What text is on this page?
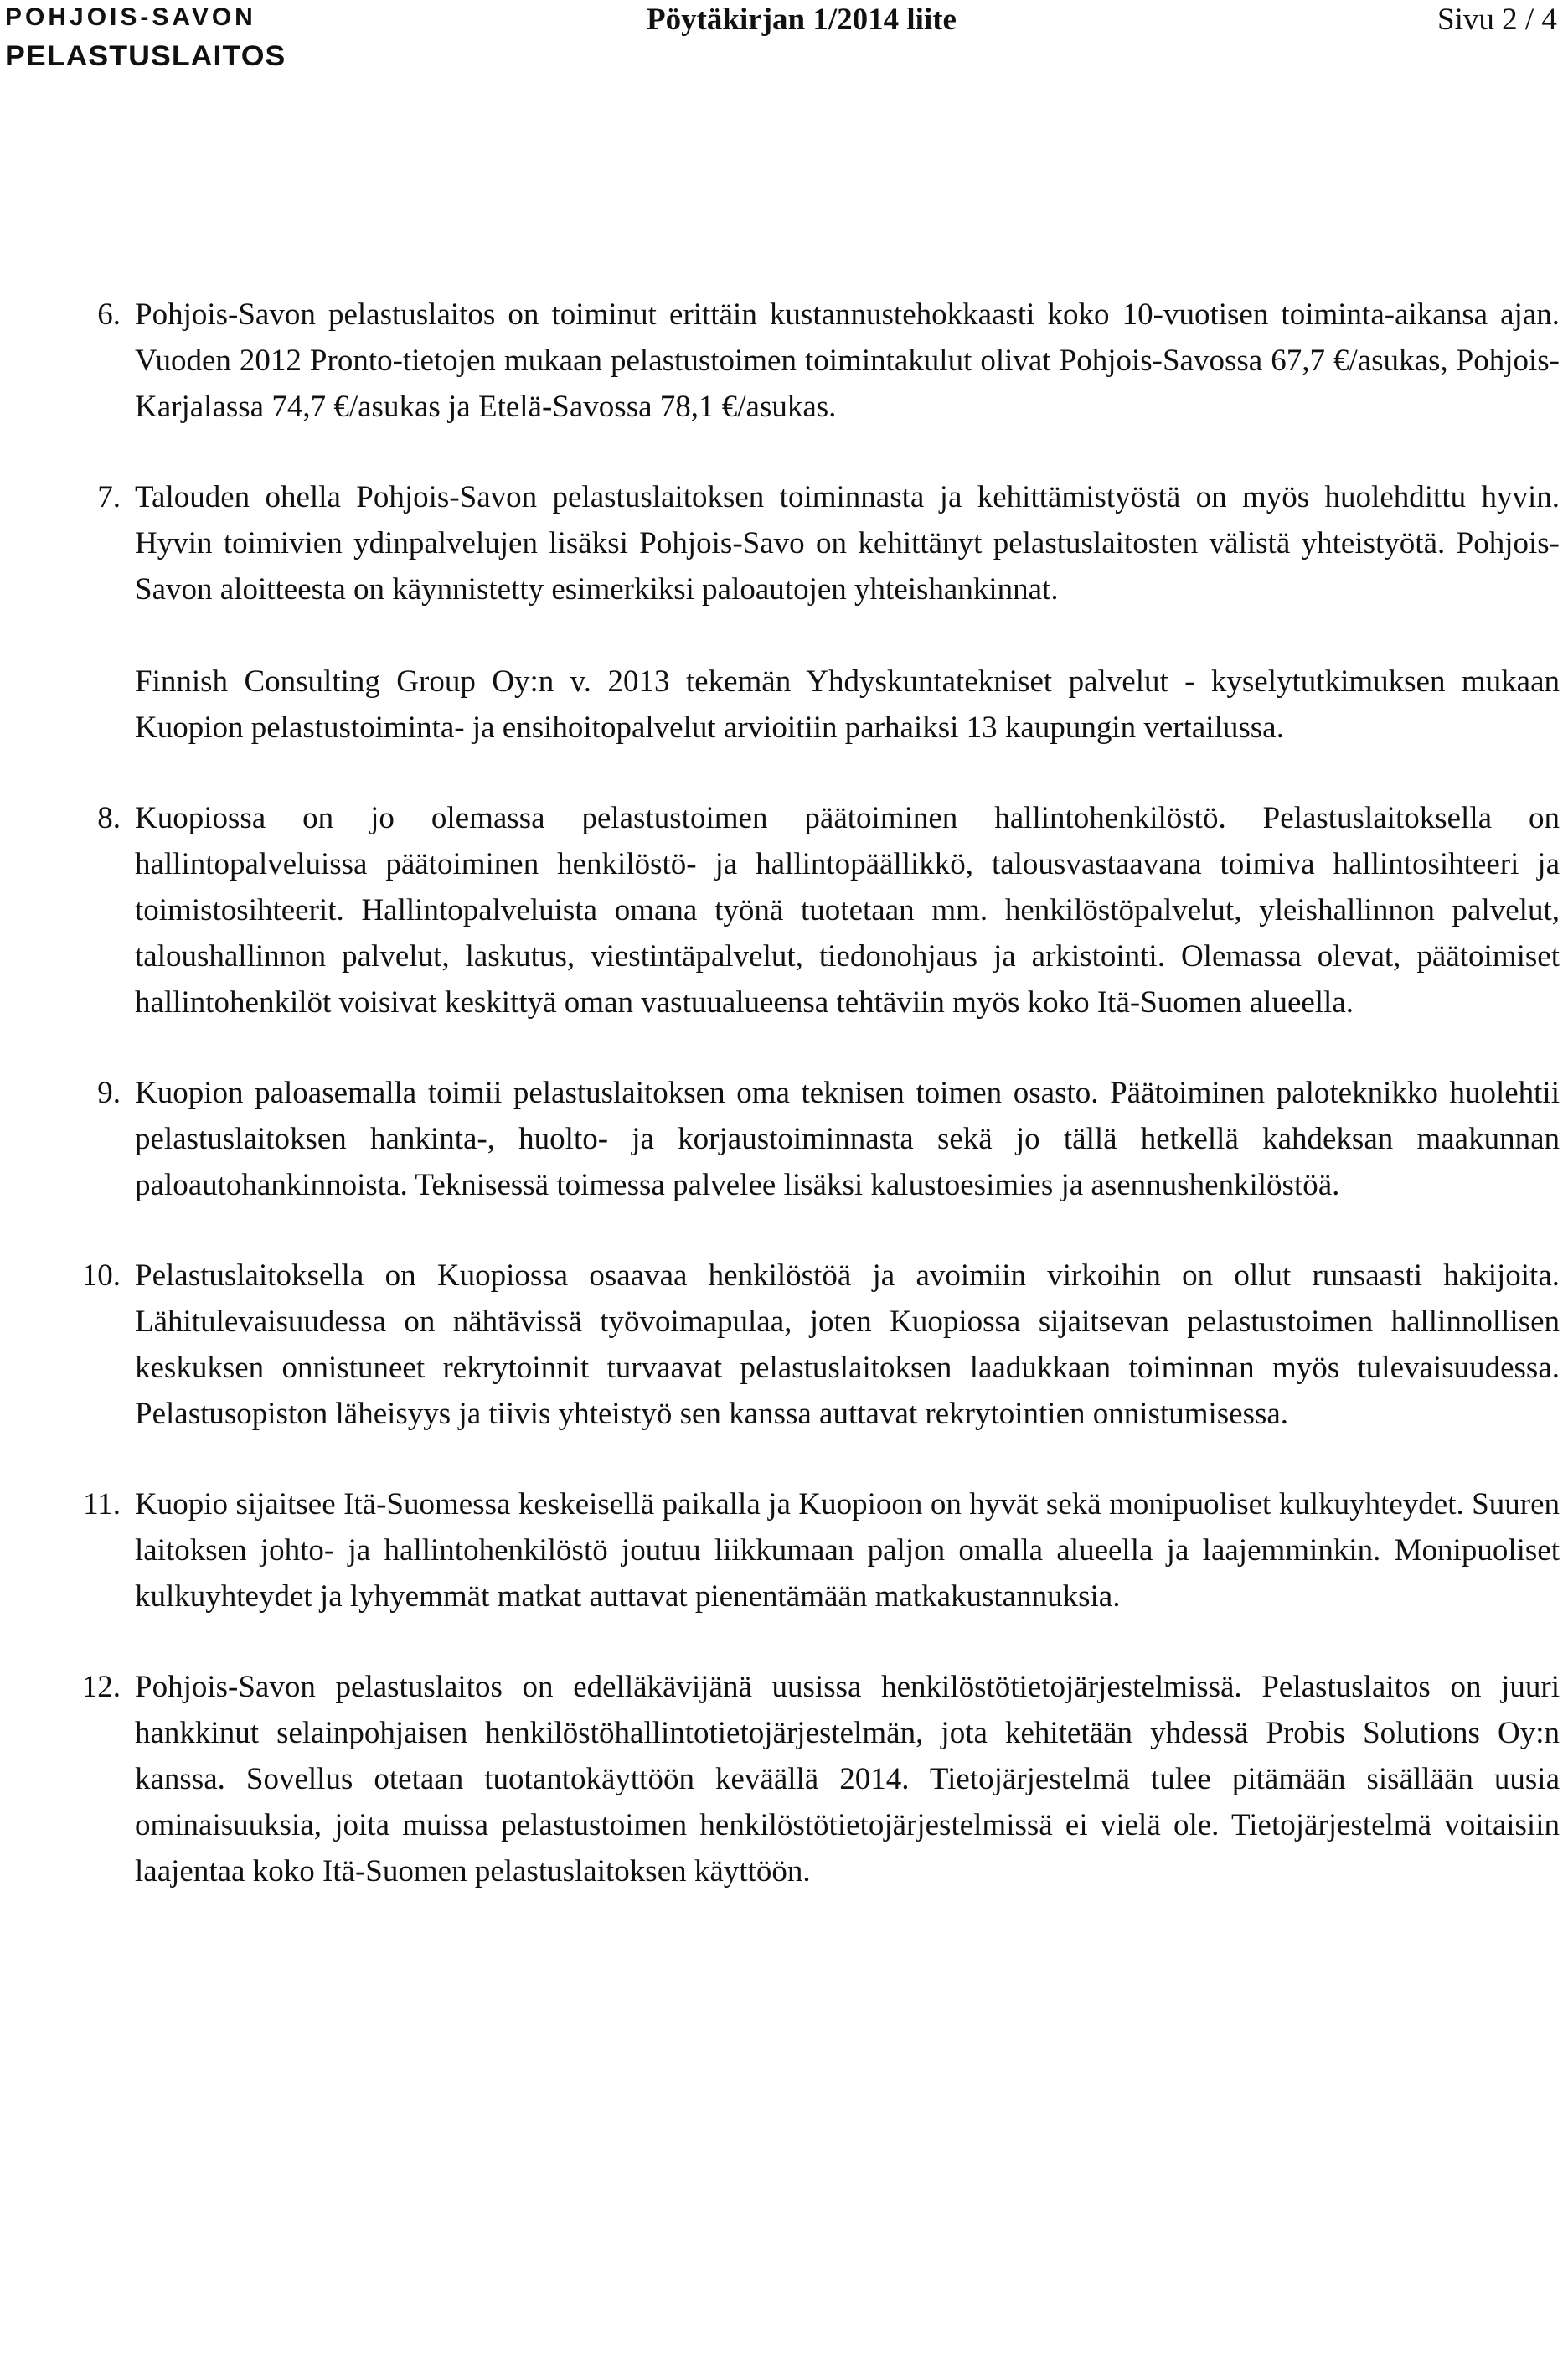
POHJOIS-SAVON
PELASTUSLAITOS
Pöytäkirjan 1/2014 liite	Sivu 2 / 4
6. Pohjois-Savon pelastuslaitos on toiminut erittäin kustannustehokkaasti koko 10-vuotisen toiminta-aikansa ajan. Vuoden 2012 Pronto-tietojen mukaan pelastustoimen toimintakulut olivat Pohjois-Savossa 67,7 €/asukas, Pohjois-Karjalassa 74,7 €/asukas ja Etelä-Savossa 78,1 €/asukas.

7. Talouden ohella Pohjois-Savon pelastuslaitoksen toiminnasta ja kehittämistyöstä on myös huolehdittu hyvin. Hyvin toimivien ydinpalvelujen lisäksi Pohjois-Savo on kehittänyt pelastuslaitosten välistä yhteistyötä. Pohjois-Savon aloitteesta on käynnistetty esimerkiksi paloautojen yhteishankinnat.

Finnish Consulting Group Oy:n v. 2013 tekemän Yhdyskuntatekniset palvelut - kyselytutkimuksen mukaan Kuopion pelastustoiminta- ja ensihoitopalvelut arvioitiin parhaiksi 13 kaupungin vertailussa.

8. Kuopiossa on jo olemassa pelastustoimen päätoiminen hallintohenkilöstö. Pelastuslaitoksella on hallintopalveluissa päätoiminen henkilöstö- ja hallintopäällikkö, talousvastaavana toimiva hallintosihteeri ja toimistosihteerit. Hallintopalveluista omana työnä tuotetaan mm. henkilöstöpalvelut, yleishallinnon palvelut, taloushallinnon palvelut, laskutus, viestintäpalvelut, tiedonohjaus ja arkistointi. Olemassa olevat, päätoimiset hallintohenkilöt voisivat keskittyä oman vastuualueensa tehtäviin myös koko Itä-Suomen alueella.

9. Kuopion paloasemalla toimii pelastuslaitoksen oma teknisen toimen osasto. Päätoiminen paloteknikko huolehtii pelastuslaitoksen hankinta-, huolto- ja korjaustoiminnasta sekä jo tällä hetkellä kahdeksan maakunnan paloautohankinnoista. Teknisessä toimessa palvelee lisäksi kalustoesimies ja asennushenkilöstöä.

10. Pelastuslaitoksella on Kuopiossa osaavaa henkilöstöä ja avoimiin virkoihin on ollut runsaasti hakijoita. Lähitulevaisuudessa on nähtävissä työvoimapulaa, joten Kuopiossa sijaitsevan pelastustoimen hallinnollisen keskuksen onnistuneet rekrytoinnit turvaavat pelastuslaitoksen laadukkaan toiminnan myös tulevaisuudessa. Pelastusopiston läheisyys ja tiivis yhteistyö sen kanssa auttavat rekrytointien onnistumisessa.

11. Kuopio sijaitsee Itä-Suomessa keskeisellä paikalla ja Kuopioon on hyvät sekä monipuoliset kulkuyhteydet. Suuren laitoksen johto- ja hallintohenkilöstö joutuu liikkumaan paljon omalla alueella ja laajemminkin. Monipuoliset kulkuyhteydet ja lyhyemmät matkat auttavat pienentämään matkakustannuksia.

12. Pohjois-Savon pelastuslaitos on edelläkävijänä uusissa henkilöstötietojärjestelmissä. Pelastuslaitos on juuri hankkinut selainpohjaisen henkilöstöhallintotietojärjestelmän, jota kehitetään yhdessä Probis Solutions Oy:n kanssa. Sovellus otetaan tuotantokäyttöön keväällä 2014. Tietojärjestelmä tulee pitämään sisällään uusia ominaisuuksia, joita muissa pelastustoimen henkilöstötietojärjestelmissä ei vielä ole. Tietojärjestelmä voitaisiin laajentaa koko Itä-Suomen pelastuslaitoksen käyttöön.
